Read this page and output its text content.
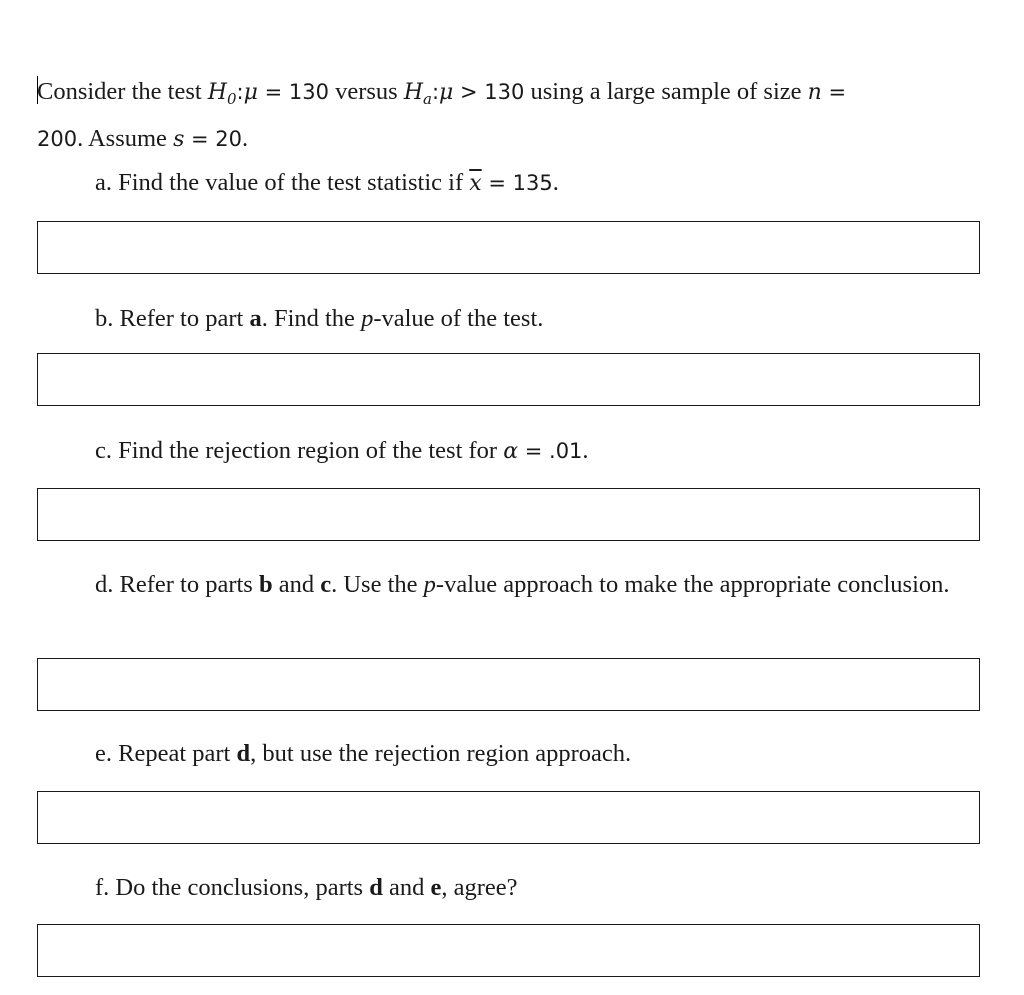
Consider the test $H_0:\mu = 130$ versus $H_a:\mu > 130$ using a large sample of size n =
200. Assume s = 20.
a. Find the value of the test statistic if $\overline{x} = 135$.
b. Refer to part a. Find the p-value of the test.
c. Find the rejection region of the test for α = .01.
d. Refer to parts b and c. Use the p-value approach to make the appropriate conclusion.
e. Repeat part d, but use the rejection region approach.
f. Do the conclusions, parts d and e, agree?
